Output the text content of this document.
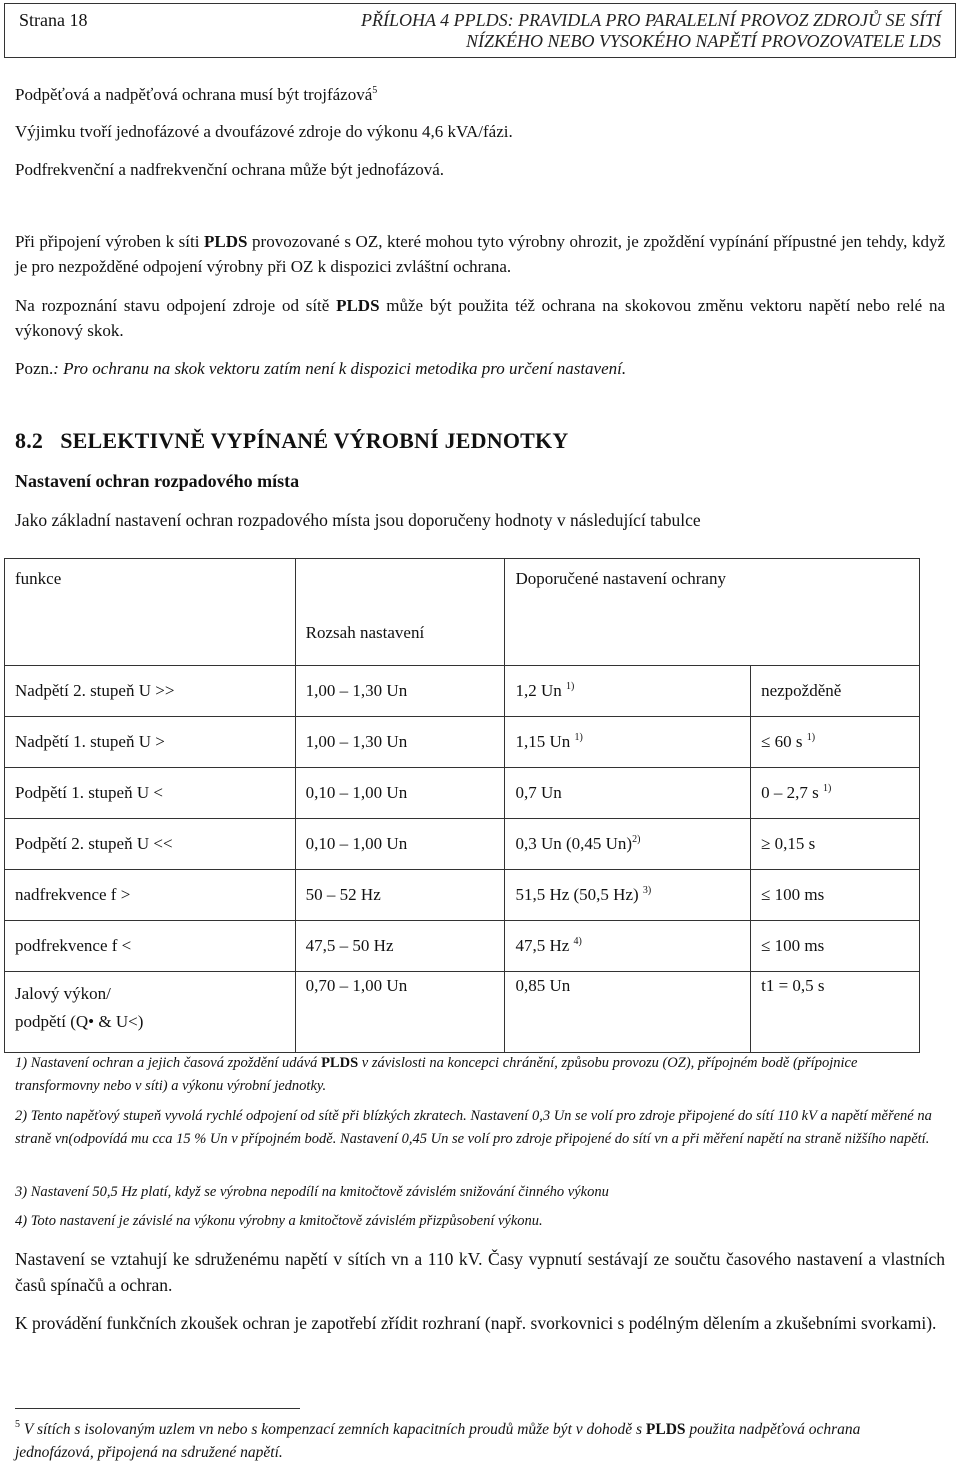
Strana 18	PŘÍLOHA 4 PPLDS: PRAVIDLA PRO PARALELNÍ PROVOZ ZDROJŮ SE SÍTÍ
NÍZKÉHO NEBO VYSOKÉHO NAPĚTÍ PROVOZOVATELE LDS
Podpěťová a nadpěťová ochrana musí být trojfázová$^5$
Výjimku tvoří jednofázové a dvoufázové zdroje do výkonu 4,6 kVA/fázi.
Podfrekvenční a nadfrekvenční ochrana může být jednofázová.
Při připojení výroben k síti PLDS provozované s OZ, které mohou tyto výrobny ohrozit, je zpoždění vypínání přípustné jen tehdy, když je pro nezpožděné odpojení výrobny při OZ k dispozici zvláštní ochrana.
Na rozpoznání stavu odpojení zdroje od sítě PLDS může být použita též ochrana na skokovou změnu vektoru napětí nebo relé na výkonový skok.
Pozn.: Pro ochranu na skok vektoru zatím není k dispozici metodika pro určení nastavení.
8.2   SELEKTIVNĚ VYPÍNANÉ VÝROBNÍ JEDNOTKY
Nastavení ochran rozpadového místa
Jako základní nastavení ochran rozpadového místa jsou doporučeny hodnoty v následující tabulce
funkce	Rozsah nastavení	Doporučené nastavení ochrany	
Nadpětí 2. stupeň U >>	1,00 – 1,30 Un	1,2 Un $^{1)}$	nezpožděně
Nadpětí 1. stupeň U >	1,00 – 1,30 Un	1,15 Un $^{1)}$	≤ 60 s $^{1)}$
Podpětí 1. stupeň U <	0,10 – 1,00 Un	0,7 Un	0 – 2,7 s $^{1)}$
Podpětí 2. stupeň U <<	0,10 – 1,00 Un	0,3 Un (0,45 Un)$^{2)}$	≥ 0,15 s
nadfrekvence f >	50 – 52 Hz	51,5 Hz (50,5 Hz) $^{3)}$	≤ 100 ms
podfrekvence f <	47,5 – 50 Hz	47,5 Hz $^{4)}$	≤ 100 ms

Jalový výkon/
podpětí (Q• & U<)	0,70 – 1,00 Un	0,85 Un	t1 = 0,5 s
1) Nastavení ochran a jejich časová zpoždění udává PLDS v závislosti na koncepci chránění, způsobu provozu (OZ), přípojném bodě (přípojnice transformovny nebo v síti) a výkonu výrobní jednotky.
2) Tento napěťový stupeň vyvolá rychlé odpojení od sítě při blízkých zkratech. Nastavení 0,3 Un se volí pro zdroje připojené do sítí 110 kV a napětí měřené na straně vn(odpovídá mu cca 15 % Un v přípojném bodě. Nastavení 0,45 Un se volí pro zdroje připojené do sítí vn a při měření napětí na straně nižšího napětí.
3) Nastavení 50,5 Hz platí, když se výrobna nepodílí na kmitočtově závislém snižování činného výkonu
4) Toto nastavení je závislé na výkonu výrobny a kmitočtově závislém přizpůsobení výkonu.
Nastavení se vztahují ke sdruženému napětí v sítích vn a 110 kV. Časy vypnutí sestávají ze součtu časového nastavení a vlastních časů spínačů a ochran.
K provádění funkčních zkoušek ochran je zapotřebí zřídit rozhraní (např. svorkovnici s podélným dělením a zkušebními svorkami).
$^5$ V sítích s isolovaným uzlem vn nebo s kompenzací zemních kapacitních proudů může být v dohodě s PLDS použita nadpěťová ochrana jednofázová, připojená na sdružené napětí.
